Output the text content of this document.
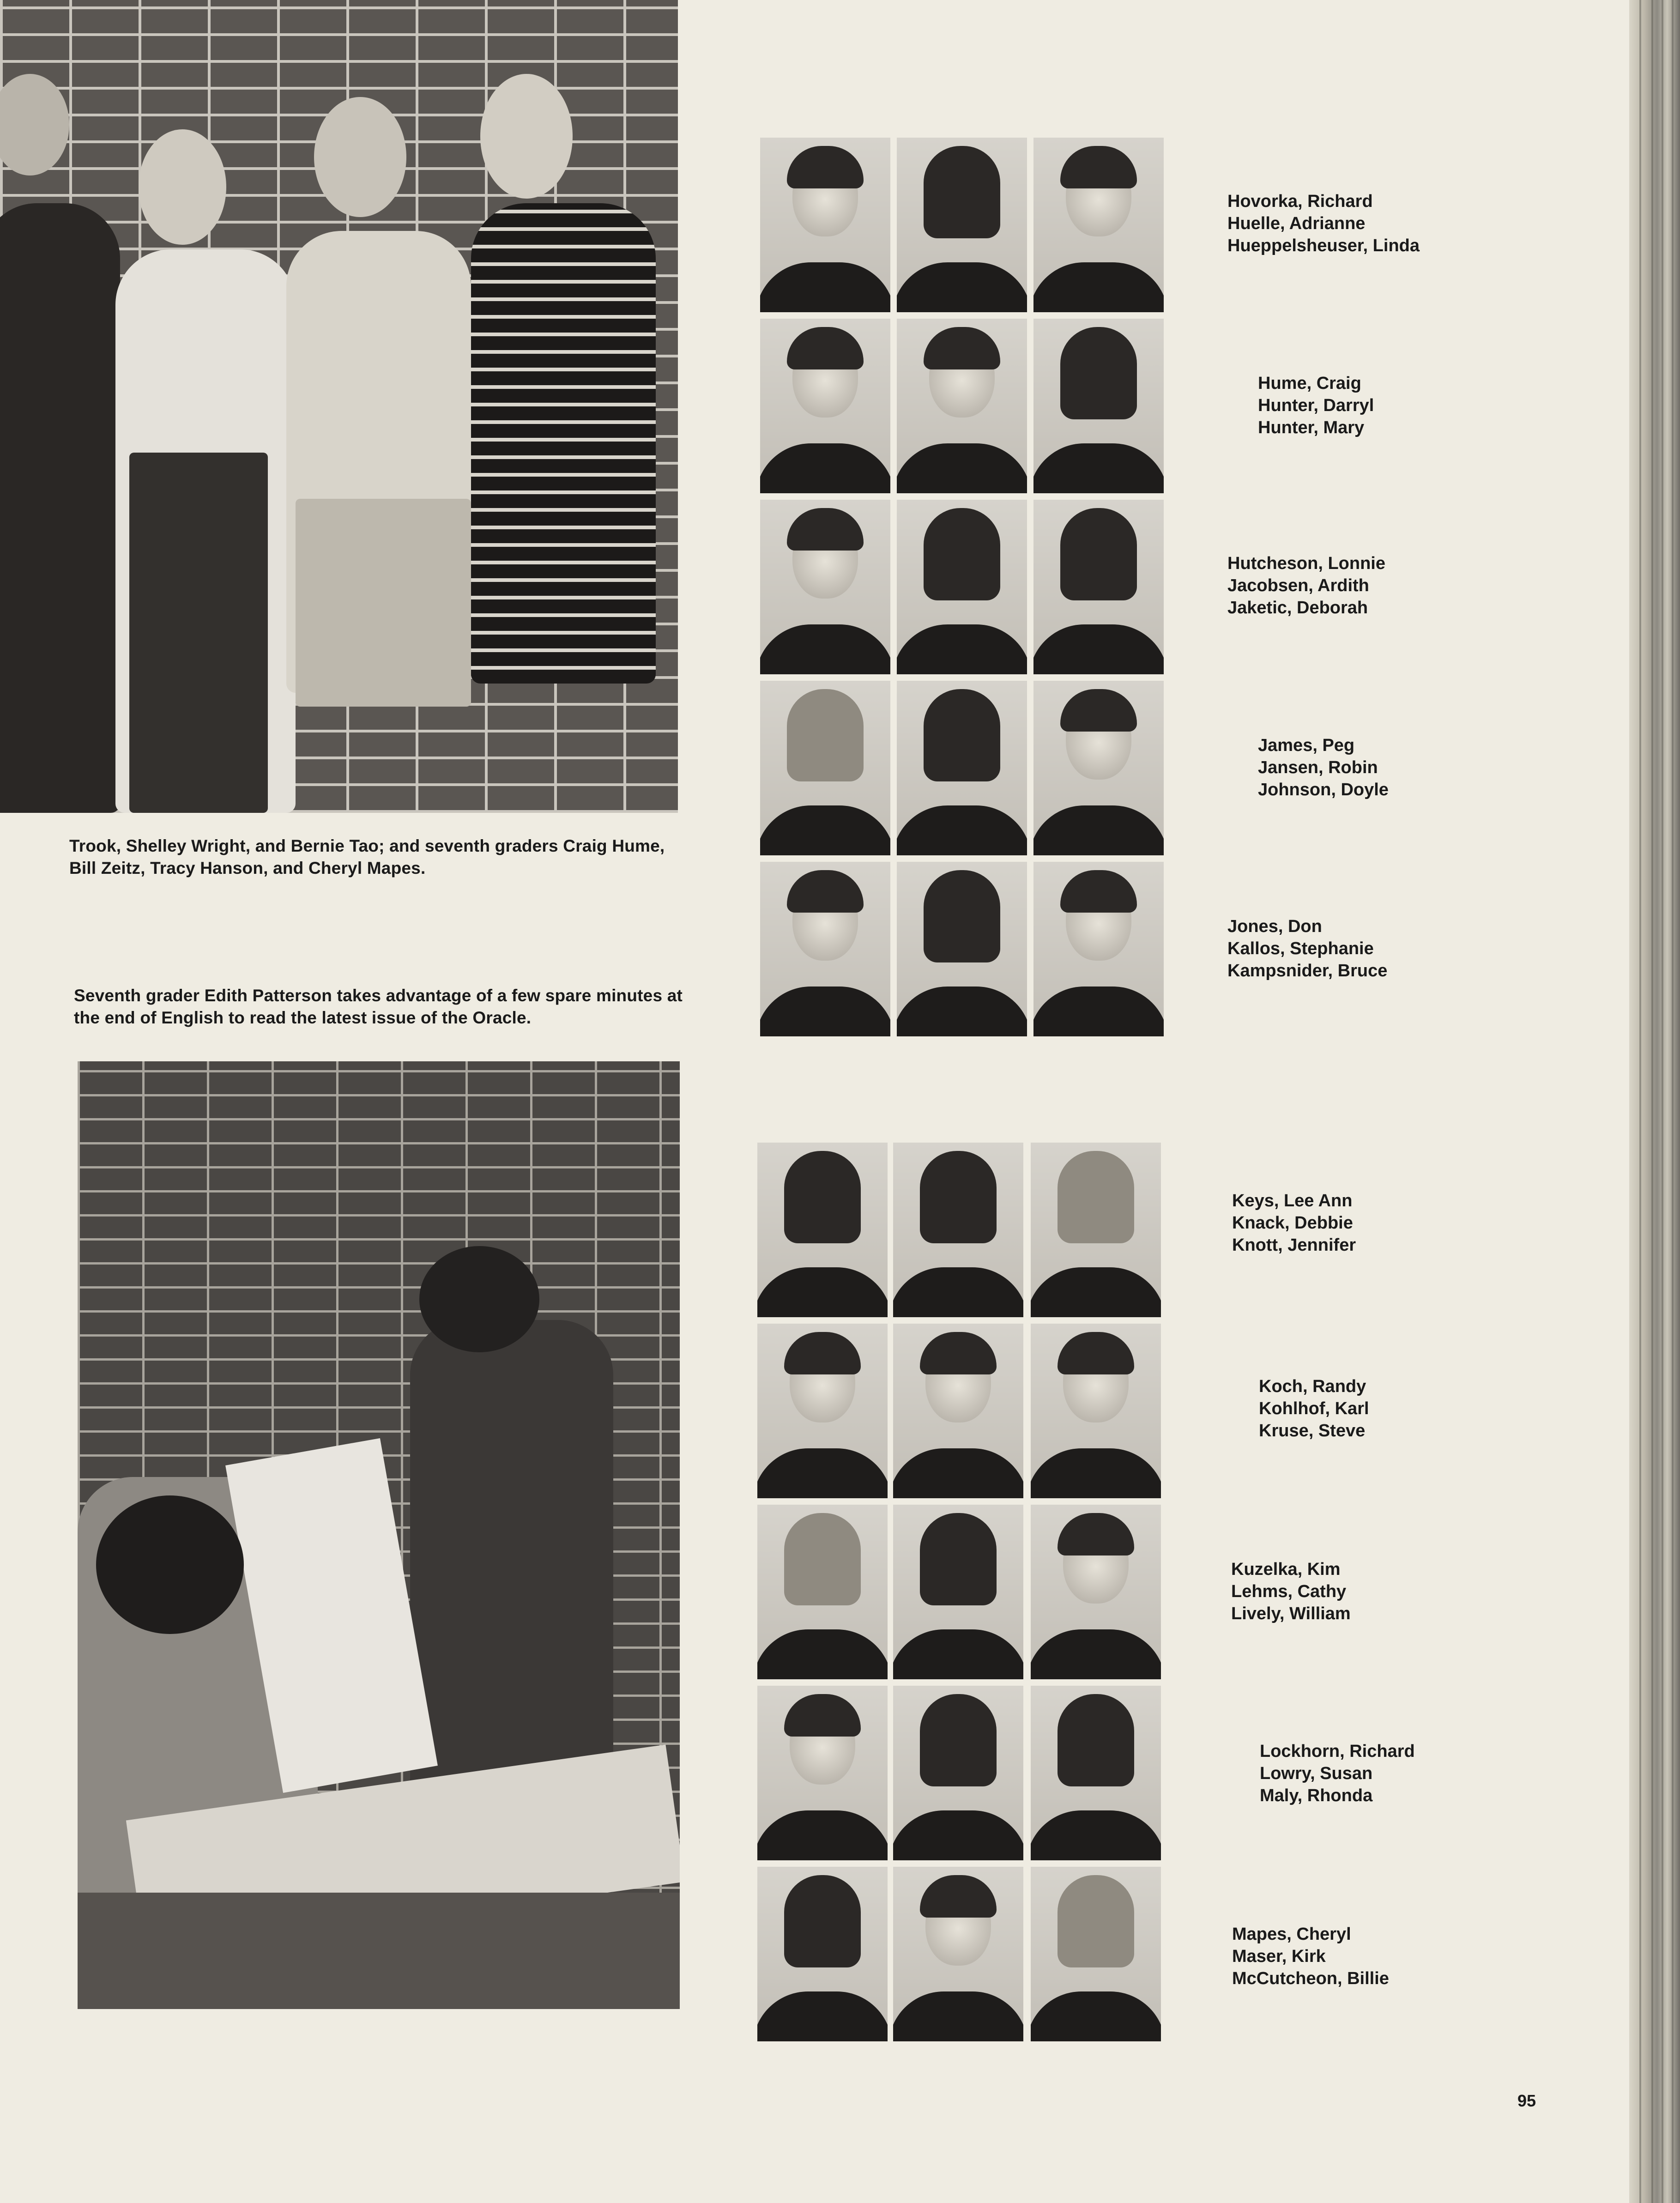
Trook, Shelley Wright, and Bernie Tao; and seventh graders Craig Hume, Bill Zeitz, Tracy Hanson, and Cheryl Mapes.

Seventh grader Edith Patterson takes advantage of a few spare minutes at the end of English to read the latest issue of the Oracle.

Hovorka, Richard
Huelle, Adrianne
Hueppelsheuser, Linda
Hume, Craig
Hunter, Darryl
Hunter, Mary
Hutcheson, Lonnie
Jacobsen, Ardith
Jaketic, Deborah
James, Peg
Jansen, Robin
Johnson, Doyle
Jones, Don
Kallos, Stephanie
Kampsnider, Bruce
Keys, Lee Ann
Knack, Debbie
Knott, Jennifer
Koch, Randy
Kohlhof, Karl
Kruse, Steve
Kuzelka, Kim
Lehms, Cathy
Lively, William
Lockhorn, Richard
Lowry, Susan
Maly, Rhonda
Mapes, Cheryl
Maser, Kirk
McCutcheon, Billie
95
